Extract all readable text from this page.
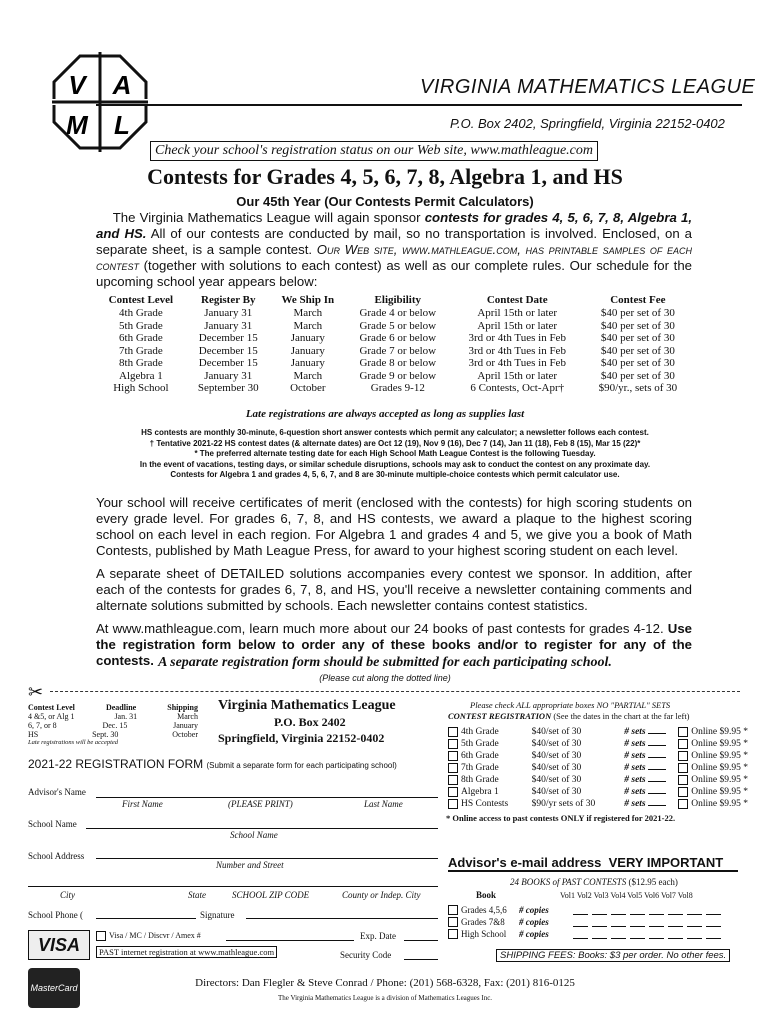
V A
M L
VIRGINIA MATHEMATICS LEAGUE
P.O. Box 2402, Springfield, Virginia 22152-0402
Check your school's registration status on our Web site, www.mathleague.com
Contests for Grades 4, 5, 6, 7, 8, Algebra 1, and HS
Our 45th Year (Our Contests Permit Calculators)
The Virginia Mathematics League will again sponsor contests for grades 4, 5, 6, 7, 8, Algebra 1, and HS. All of our contests are conducted by mail, so no transportation is involved. Enclosed, on a separate sheet, is a sample contest. Our Web site, www.mathleague.com, has printable samples of each contest (together with solutions to each contest) as well as our complete rules. Our schedule for the upcoming school year appears below:
Contest Level	Register By	We Ship In	Eligibility	Contest Date	Contest Fee
4th Grade	January 31	March	Grade 4 or below	April 15th or later	$40 per set of 30
5th Grade	January 31	March	Grade 5 or below	April 15th or later	$40 per set of 30
6th Grade	December 15	January	Grade 6 or below	3rd or 4th Tues in Feb	$40 per set of 30
7th Grade	December 15	January	Grade 7 or below	3rd or 4th Tues in Feb	$40 per set of 30
8th Grade	December 15	January	Grade 8 or below	3rd or 4th Tues in Feb	$40 per set of 30
Algebra 1	January 31	March	Grade 9 or below	April 15th or later	$40 per set of 30
High School	September 30	October	Grades 9-12	6 Contests, Oct-Apr†	$90/yr., sets of 30
Late registrations are always accepted as long as supplies last
HS contests are monthly 30-minute, 6-question short answer contests which permit any calculator; a newsletter follows each contest.
† Tentative 2021-22 HS contest dates (& alternate dates) are Oct 12 (19), Nov 9 (16), Dec 7 (14), Jan 11 (18), Feb 8 (15), Mar 15 (22)*
* The preferred alternate testing date for each High School Math League Contest is the following Tuesday.
In the event of vacations, testing days, or similar schedule disruptions, schools may ask to conduct the contest on any proximate day.
Contests for Algebra 1 and grades 4, 5, 6, 7, and 8 are 30-minute multiple-choice contests which permit calculator use.
Your school will receive certificates of merit (enclosed with the contests) for high scoring students on every grade level. For grades 6, 7, 8, and HS contests, we award a plaque to the highest scoring school on each level in each region. For Algebra 1 and grades 4 and 5, we give you a book of Math Contests, published by Math League Press, for award to your highest scoring student on each level.
A separate sheet of DETAILED solutions accompanies every contest we sponsor. In addition, after each of the contests for grades 6, 7, 8, and HS, you'll receive a newsletter containing comments and alternate solutions submitted by schools. Each newsletter contains contest statistics.
At www.mathleague.com, learn much more about our 24 books of past contests for grades 4-12. Use the registration form below to order any of these books and/or to register for any of the contests. A separate registration form should be submitted for each participating school.
(Please cut along the dotted line)
✂
Contest Level	Deadline	Shipping
4 &5, or Alg 1	Jan. 31	March
6, 7, or 8	Dec. 15	January
HS	Sept. 30	October
Late registrations will be accepted
Virginia Mathematics League
P.O. Box 2402
Springfield, Virginia 22152-0402
2021-22 REGISTRATION FORM (Submit a separate form for each participating school)
Advisor's Name
First Name	(PLEASE PRINT)	Last Name
School Name
School Name
School Address
Number and Street
City	State	SCHOOL ZIP CODE	County or Indep. City
School Phone (	Signature
VISA	Visa / MC / Discvr / Amex #	Exp. Date
PAST internet registration at www.mathleague.com	Security Code
MasterCard
Please check ALL appropriate boxes NO "PARTIAL" SETS
CONTEST REGISTRATION (See the dates in the chart at the far left)
4th Grade	$40/set of 30	# sets	Online $9.95 *
5th Grade	$40/set of 30	# sets	Online $9.95 *
6th Grade	$40/set of 30	# sets	Online $9.95 *
7th Grade	$40/set of 30	# sets	Online $9.95 *
8th Grade	$40/set of 30	# sets	Online $9.95 *
Algebra 1	$40/set of 30	# sets	Online $9.95 *
HS Contests	$90/yr sets of 30	# sets	Online $9.95 *
* Online access to past contests ONLY if registered for 2021-22.
Advisor's e-mail address VERY IMPORTANT
24 BOOKS of PAST CONTESTS ($12.95 each)
Book	Vol1 Vol2 Vol3 Vol4 Vol5 Vol6 Vol7 Vol8
Grades 4,5,6	# copies
Grades 7&8	# copies
High School	# copies
SHIPPING FEES: Books: $3 per order. No other fees.
Directors: Dan Flegler & Steve Conrad / Phone: (201) 568-6328, Fax: (201) 816-0125
The Virginia Mathematics League is a division of Mathematics Leagues Inc.
